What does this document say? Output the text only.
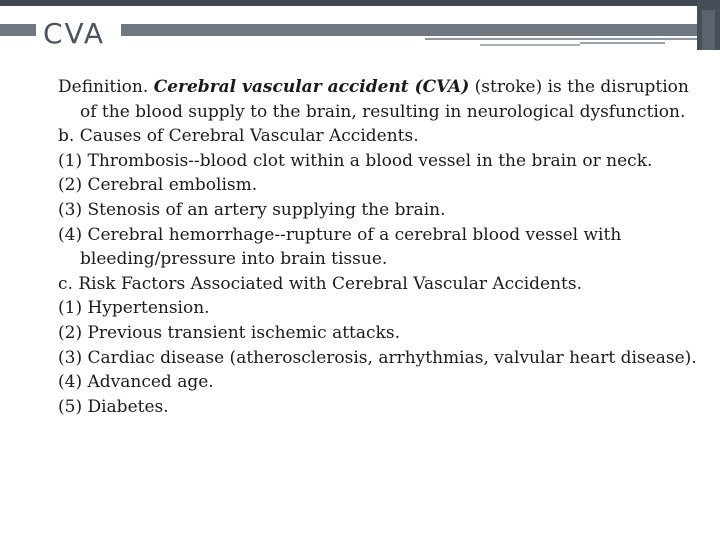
CVA

Definition. Cerebral vascular accident (CVA) (stroke) is the disruption of the blood supply to the brain, resulting in neurological dysfunction.

b. Causes of Cerebral Vascular Accidents.

(1) Thrombosis--blood clot within a blood vessel in the brain or neck.

(2) Cerebral embolism.

(3) Stenosis of an artery supplying the brain.

(4) Cerebral hemorrhage--rupture of a cerebral blood vessel with bleeding/pressure into brain tissue.

c. Risk Factors Associated with Cerebral Vascular Accidents.

(1) Hypertension.

(2) Previous transient ischemic attacks.

(3) Cardiac disease (atherosclerosis, arrhythmias, valvular heart disease).

(4) Advanced age.

(5) Diabetes.
